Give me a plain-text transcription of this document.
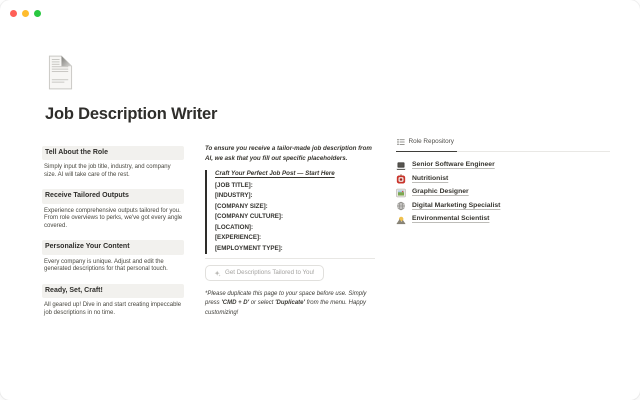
Job Description Writer
Tell About the Role

Simply input the job title, industry, and company size. AI will take care of the rest.

Receive Tailored Outputs

Experience comprehensive outputs tailored for you. From role overviews to perks, we've got every angle covered.

Personalize Your Content

Every company is unique. Adjust and edit the generated descriptions for that personal touch.

Ready, Set, Craft!

All geared up! Dive in and start creating impeccable job descriptions in no time.

To ensure you receive a tailor-made job description from AI, we ask that you fill out specific placeholders.

Craft Your Perfect Job Post — Start Here
[JOB TITLE]:
[INDUSTRY]:
[COMPANY SIZE]:
[COMPANY CULTURE]:
[LOCATION]:
[EXPERIENCE]:
[EMPLOYMENT TYPE]:
Get Descriptions Tailored to You!

*Please duplicate this page to your space before use. Simply press 'CMD + D' or select 'Duplicate' from the menu. Happy customizing!

Role Repository
Senior Software Engineer
Nutritionist
Graphic Designer
Digital Marketing Specialist
Environmental Scientist
